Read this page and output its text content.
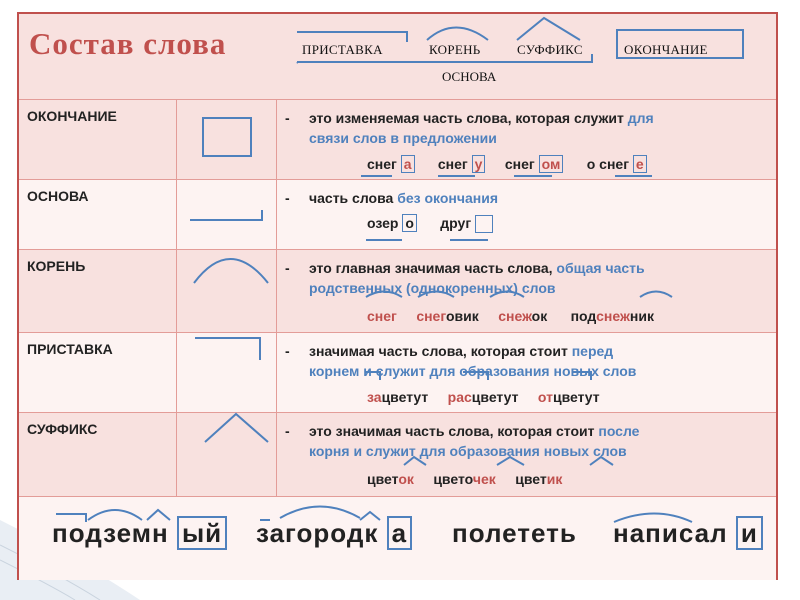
Состав слова	ПРИСТАВКА	КОРЕНЬ	СУФФИКС	ОКОНЧАНИЕ
ОСНОВА
ОКОНЧАНИЕ	- это изменяемая часть слова, которая служит для
связи слов в предложении
снег а снег у снег ом о снег е
ОСНОВА	- часть слова без окончания
озер о друг
КОРЕНЬ	- это главная значимая часть слова, общая часть
родственных (однокоренных) слов
снег снеговик снежок подснежник
ПРИСТАВКА	- значимая часть слова, которая стоит перед
корнем и служит для образования новых слов
зацветут расцветут отцветут
СУФФИКС	- это значимая часть слова, которая стоит после
корня и служит для образования новых слов
цветок цветочек цветик
подземн ый загородк а полететь написал и
